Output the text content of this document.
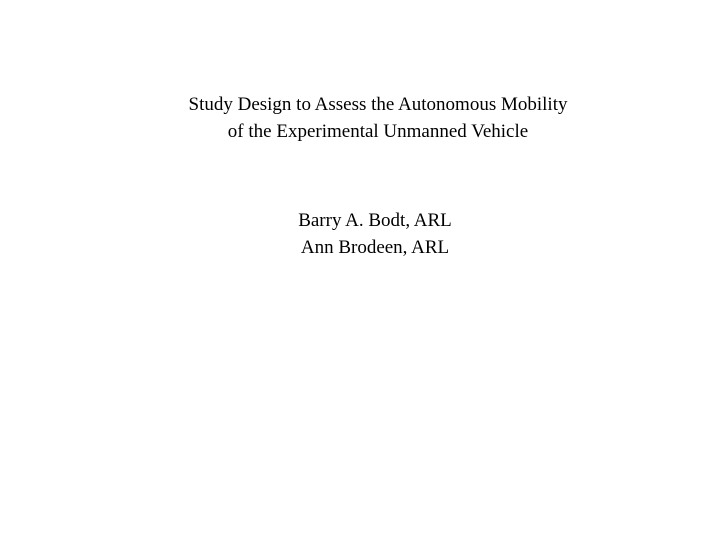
Study Design to Assess the Autonomous Mobility
of the Experimental Unmanned Vehicle
Barry A. Bodt, ARL
Ann Brodeen, ARL
